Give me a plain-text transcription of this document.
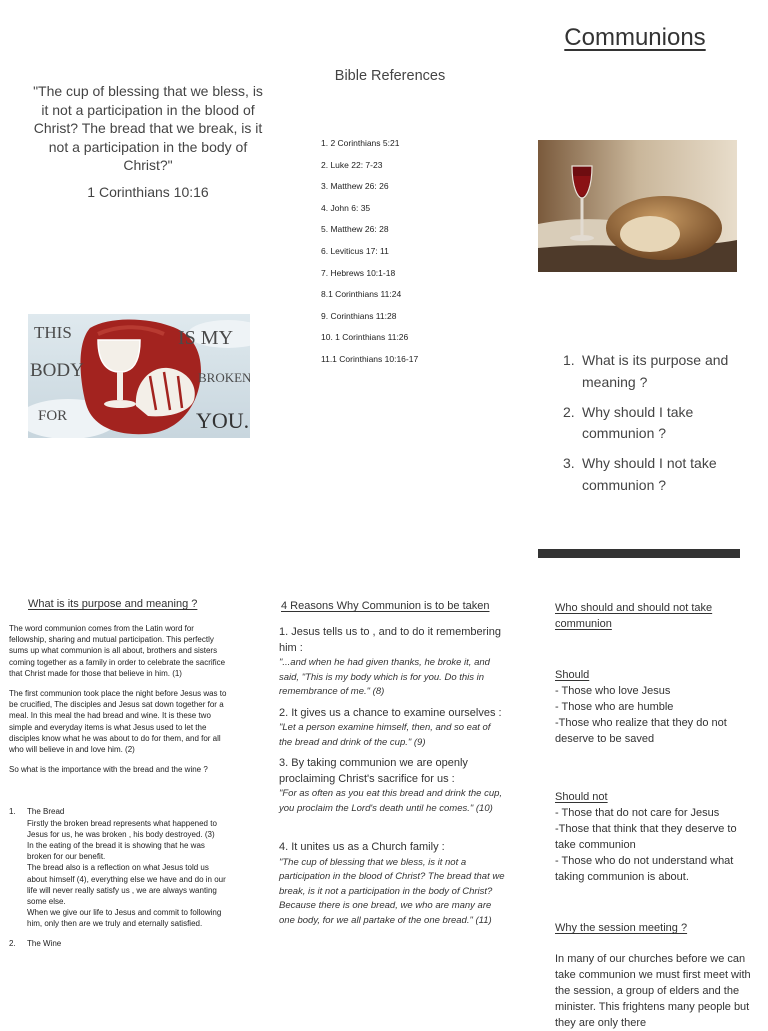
Communions
"The cup of blessing that we bless, is it not a participation in the blood of Christ? The bread that we break, is it not a participation in the body of Christ?"
1 Corinthians 10:16
Bible References
1. 2 Corinthians 5:21
2. Luke 22: 7-23
3. Matthew 26: 26
4. John 6: 35
5. Matthew 26: 28
6. Leviticus 17: 11
7. Hebrews 10:1-18
8.1 Corinthians 11:24
9. Corinthians 11:28
10. 1 Corinthians 11:26
11.1 Corinthians 10:16-17
THIS	IS MY
BODY	BROKEN
FOR	YOU.
1. What is its purpose and meaning ?
2. Why should I take communion ?
3. Why should I not take communion ?
What is its purpose and meaning ?

The word communion comes from the Latin word for fellowship, sharing and mutual participation. This perfectly sums up what communion is all about, brothers and sisters coming together as a family in order to celebrate the sacrifice that Christ made for those that believe in him. (1)

The first communion took place the night before Jesus was to be crucified, The disciples and Jesus sat down together for a meal. In this meal the had bread and wine. It is these two simple and everyday items is what Jesus used to let the disciples know what he was about to do for them, and for all who will believe in and love him. (2)

So what is the importance with the bread and the wine ?

1.	The Bread
Firstly the broken bread represents what happened to Jesus for us, he was broken , his body destroyed. (3)
In the eating of the bread it is showing that he was broken for our benefit.
The bread also is a reflection on what Jesus told us about himself (4), everything else we have and do in our life will never really satisfy us , we are always wanting some else.
When we give our life to Jesus and commit to following him, only then are we truly and eternally satisfied.
2.	The Wine
4 Reasons Why Communion is to be taken
1. Jesus tells us to , and to do it remembering him :
"...and when he had given thanks, he broke it, and said, "This is my body which is for you. Do this in remembrance of me." (8)
2. It gives us a chance to examine ourselves :
"Let a person examine himself, then, and so eat of the bread and drink of the cup." (9)
3. By taking communion we are openly proclaiming Christ's sacrifice for us :
"For as often as you eat this bread and drink the cup, you proclaim the Lord's death until he comes." (10)
4. It unites us as a Church family :
"The cup of blessing that we bless, is it not a participation in the blood of Christ? The bread that we break, is it not a participation in the body of Christ? Because there is one bread, we who are many are one body, for we all partake of the one bread." (11)
Who should and should not take communion
Should
- Those who love Jesus
- Those who are humble
-Those who realize that they do not deserve to be saved
Should not
- Those that do not care for Jesus
-Those that think that they deserve to take communion
- Those who do not understand what taking communion is about.
Why the session meeting ?
In many of our churches before we can take communion we must first meet with the session, a group of elders and the minister. This frightens many people but they are only there
